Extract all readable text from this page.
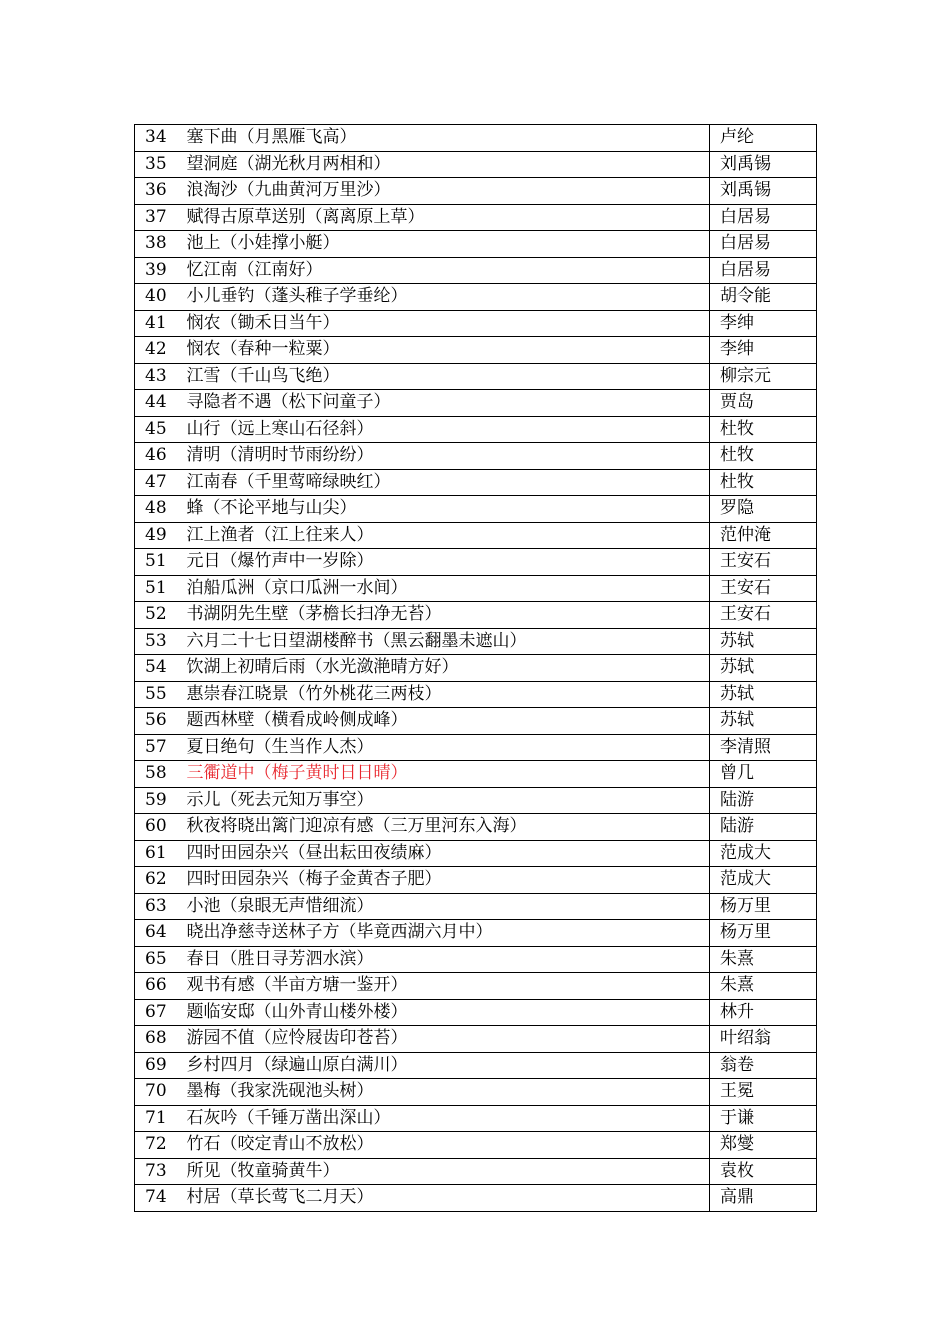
34	塞下曲（月黑雁飞高）	卢纶
35	望洞庭（湖光秋月两相和）	刘禹锡
36	浪淘沙（九曲黄河万里沙）	刘禹锡
37	赋得古原草送别（离离原上草）	白居易
38	池上（小娃撑小艇）	白居易
39	忆江南（江南好）	白居易
40	小儿垂钓（蓬头稚子学垂纶）	胡令能
41	悯农（锄禾日当午）	李绅
42	悯农（春种一粒粟）	李绅
43	江雪（千山鸟飞绝）	柳宗元
44	寻隐者不遇（松下问童子）	贾岛
45	山行（远上寒山石径斜）	杜牧
46	清明（清明时节雨纷纷）	杜牧
47	江南春（千里莺啼绿映红）	杜牧
48	蜂（不论平地与山尖）	罗隐
49	江上渔者（江上往来人）	范仲淹
51	元日（爆竹声中一岁除）	王安石
51	泊船瓜洲（京口瓜洲一水间）	王安石
52	书湖阴先生壁（茅檐长扫净无苔）	王安石
53	六月二十七日望湖楼醉书（黑云翻墨未遮山）	苏轼
54	饮湖上初晴后雨（水光潋滟晴方好）	苏轼
55	惠崇春江晓景（竹外桃花三两枝）	苏轼
56	题西林壁（横看成岭侧成峰）	苏轼
57	夏日绝句（生当作人杰）	李清照
58	三衢道中（梅子黄时日日晴）	曾几
59	示儿（死去元知万事空）	陆游
60	秋夜将晓出篱门迎凉有感（三万里河东入海）	陆游
61	四时田园杂兴（昼出耘田夜绩麻）	范成大
62	四时田园杂兴（梅子金黄杏子肥）	范成大
63	小池（泉眼无声惜细流）	杨万里
64	晓出净慈寺送林子方（毕竟西湖六月中）	杨万里
65	春日（胜日寻芳泗水滨）	朱熹
66	观书有感（半亩方塘一鉴开）	朱熹
67	题临安邸（山外青山楼外楼）	林升
68	游园不值（应怜屐齿印苍苔）	叶绍翁
69	乡村四月（绿遍山原白满川）	翁卷
70	墨梅（我家洗砚池头树）	王冕
71	石灰吟（千锤万凿出深山）	于谦
72	竹石（咬定青山不放松）	郑燮
73	所见（牧童骑黄牛）	袁枚
74	村居（草长莺飞二月天）	高鼎
